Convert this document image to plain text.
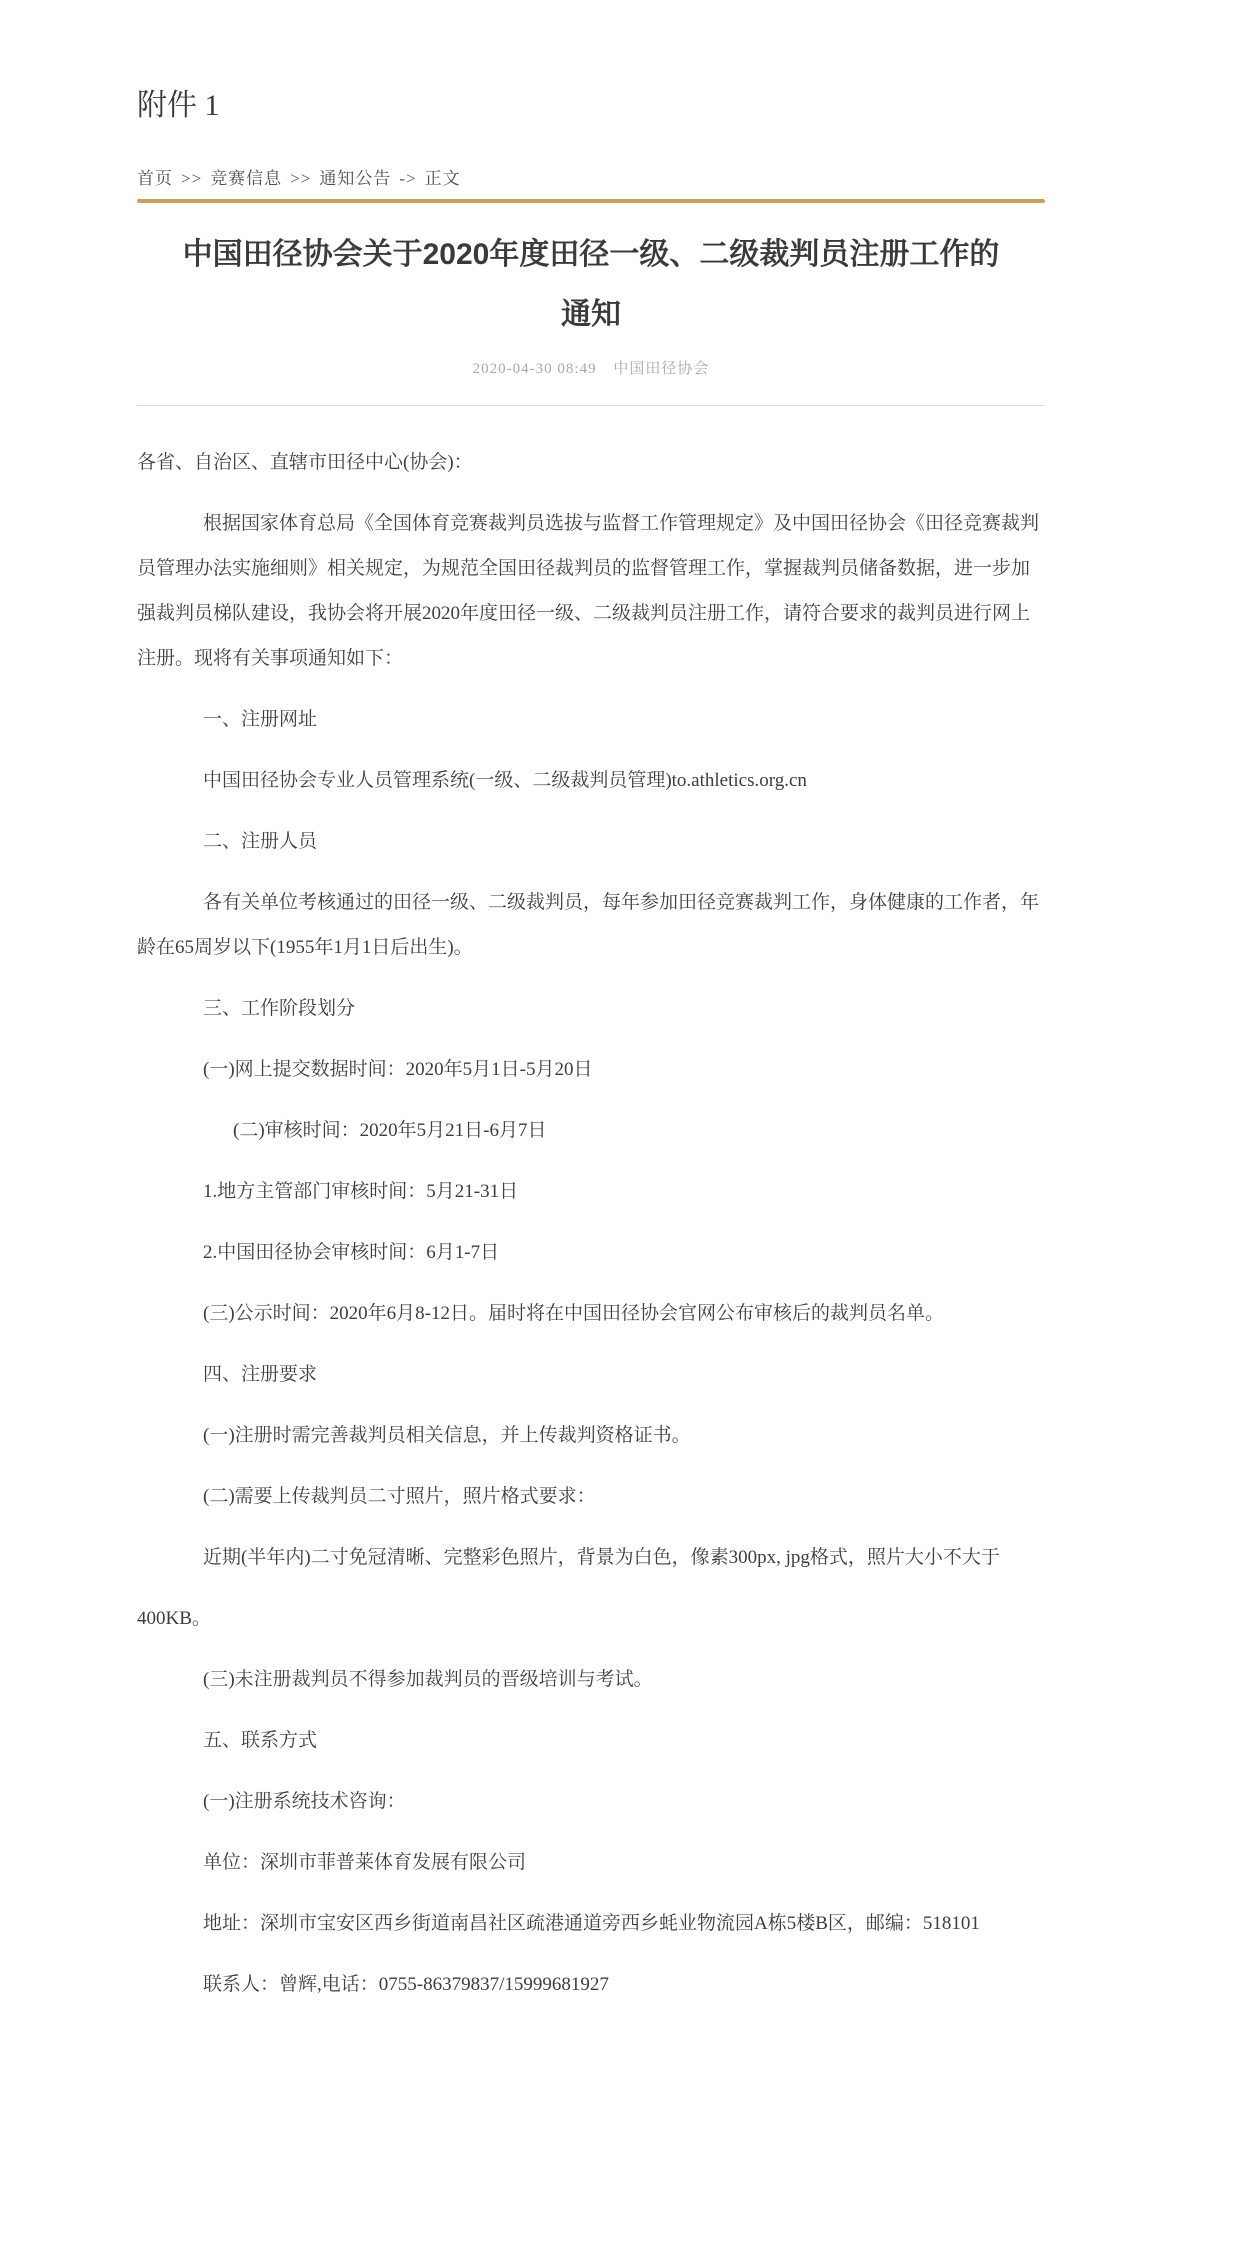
附件 1
首页 >> 竞赛信息 >> 通知公告 -> 正文
中国田径协会关于2020年度田径一级、二级裁判员注册工作的
通知
2020-04-30 08:49 中国田径协会

各省、自治区、直辖市田径中心(协会)：

根据国家体育总局《全国体育竞赛裁判员选拔与监督工作管理规定》及中国田径协会《田径竞赛裁判员管理办法实施细则》相关规定，为规范全国田径裁判员的监督管理工作，掌握裁判员储备数据，进一步加强裁判员梯队建设，我协会将开展2020年度田径一级、二级裁判员注册工作，请符合要求的裁判员进行网上注册。现将有关事项通知如下：

一、注册网址

中国田径协会专业人员管理系统(一级、二级裁判员管理)to.athletics.org.cn

二、注册人员

各有关单位考核通过的田径一级、二级裁判员，每年参加田径竞赛裁判工作，身体健康的工作者，年龄在65周岁以下(1955年1月1日后出生)。

三、工作阶段划分

(一)网上提交数据时间：2020年5月1日-5月20日

(二)审核时间：2020年5月21日-6月7日

1.地方主管部门审核时间：5月21-31日

2.中国田径协会审核时间：6月1-7日

(三)公示时间：2020年6月8-12日。届时将在中国田径协会官网公布审核后的裁判员名单。

四、注册要求

(一)注册时需完善裁判员相关信息，并上传裁判资格证书。

(二)需要上传裁判员二寸照片，照片格式要求：

近期(半年内)二寸免冠清晰、完整彩色照片，背景为白色，像素300px, jpg格式，照片大小不大于

400KB。

(三)未注册裁判员不得参加裁判员的晋级培训与考试。

五、联系方式

(一)注册系统技术咨询：

单位：深圳市菲普莱体育发展有限公司

地址：深圳市宝安区西乡街道南昌社区疏港通道旁西乡蚝业物流园A栋5楼B区，邮编：518101

联系人：曾辉,电话：0755-86379837/15999681927
